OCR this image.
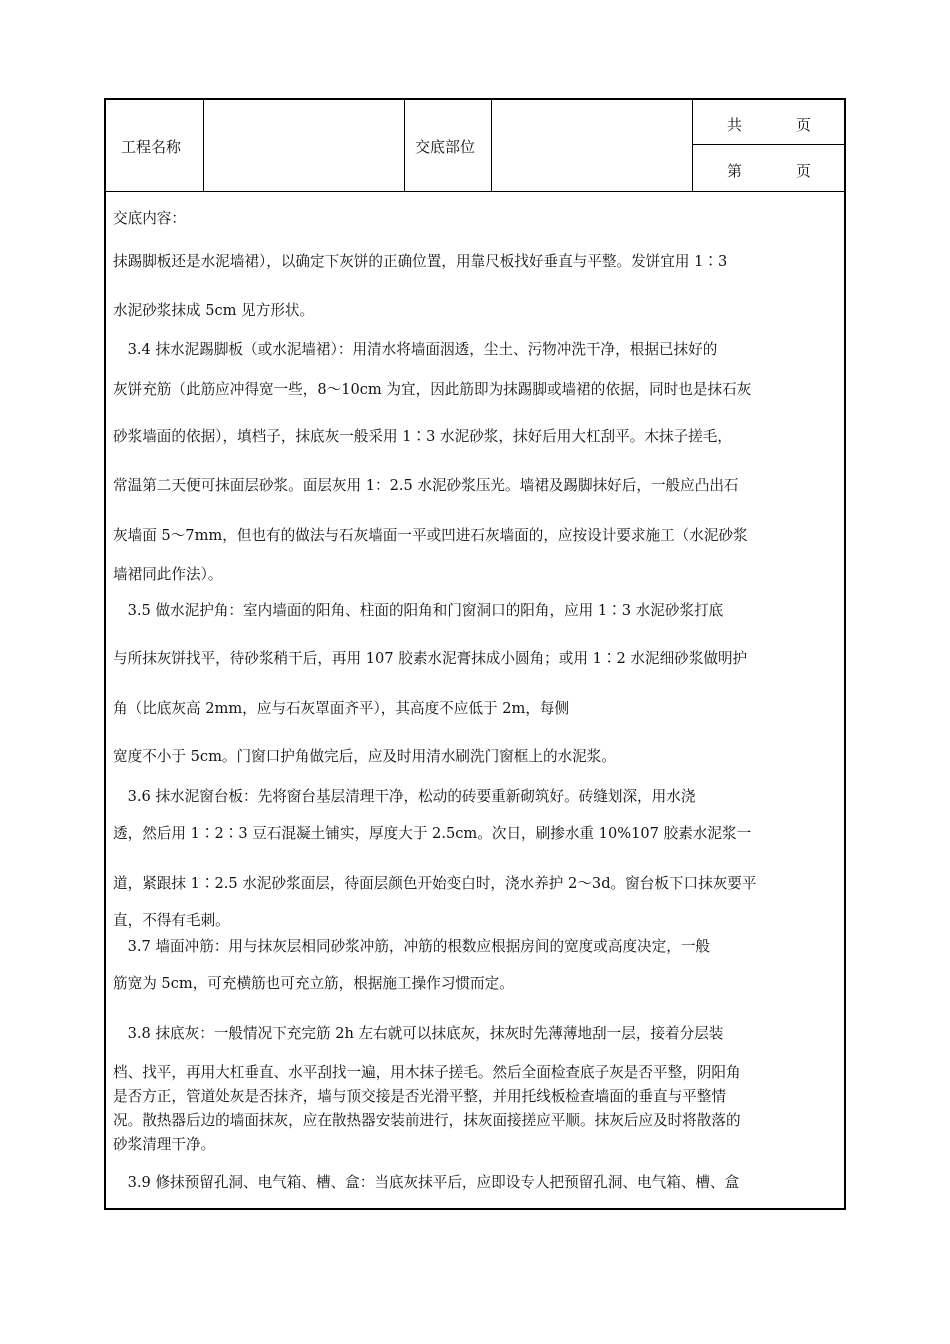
工程名称	交底部位
共　　页
第　　页
交底内容：
抹踢脚板还是水泥墙裙），以确定下灰饼的正确位置，用靠尺板找好垂直与平整。发饼宜用 1∶3
水泥砂浆抹成 5cm 见方形状。
　3.4 抹水泥踢脚板（或水泥墙裙）：用清水将墙面洇透，尘土、污物冲洗干净，根据已抹好的
灰饼充筋（此筋应冲得宽一些，8～10cm 为宜，因此筋即为抹踢脚或墙裙的依据，同时也是抹石灰
砂浆墙面的依据），填档子，抹底灰一般采用 1∶3 水泥砂浆，抹好后用大杠刮平。木抹子搓毛，
常温第二天便可抹面层砂浆。面层灰用 1：2.5 水泥砂浆压光。墙裙及踢脚抹好后，一般应凸出石
灰墙面 5～7mm，但也有的做法与石灰墙面一平或凹进石灰墙面的，应按设计要求施工（水泥砂浆
墙裙同此作法）。
　3.5 做水泥护角：室内墙面的阳角、柱面的阳角和门窗洞口的阳角，应用 1∶3 水泥砂浆打底
与所抹灰饼找平，待砂浆稍干后，再用 107 胶素水泥膏抹成小圆角；或用 1∶2 水泥细砂浆做明护
角（比底灰高 2mm，应与石灰罩面齐平），其高度不应低于 2m，每侧
宽度不小于 5cm。门窗口护角做完后，应及时用清水刷洗门窗框上的水泥浆。
　3.6 抹水泥窗台板：先将窗台基层清理干净，松动的砖要重新砌筑好。砖缝划深，用水浇
透，然后用 1∶2∶3 豆石混凝土铺实，厚度大于 2.5cm。次日，刷掺水重 10%107 胶素水泥浆一
道，紧跟抹 1∶2.5 水泥砂浆面层，待面层颜色开始变白时，浇水养护 2～3d。窗台板下口抹灰要平
直，不得有毛刺。
　3.7 墙面冲筋：用与抹灰层相同砂浆冲筋，冲筋的根数应根据房间的宽度或高度决定，一般
筋宽为 5cm，可充横筋也可充立筋，根据施工操作习惯而定。
　3.8 抹底灰：一般情况下充完筋 2h 左右就可以抹底灰，抹灰时先薄薄地刮一层，接着分层装
档、找平，再用大杠垂直、水平刮找一遍，用木抹子搓毛。然后全面检查底子灰是否平整，阴阳角
是否方正，管道处灰是否抹齐，墙与顶交接是否光滑平整，并用托线板检查墙面的垂直与平整情
况。散热器后边的墙面抹灰，应在散热器安装前进行，抹灰面接搓应平顺。抹灰后应及时将散落的
砂浆清理干净。
　3.9 修抹预留孔洞、电气箱、槽、盒：当底灰抹平后，应即设专人把预留孔洞、电气箱、槽、盒
